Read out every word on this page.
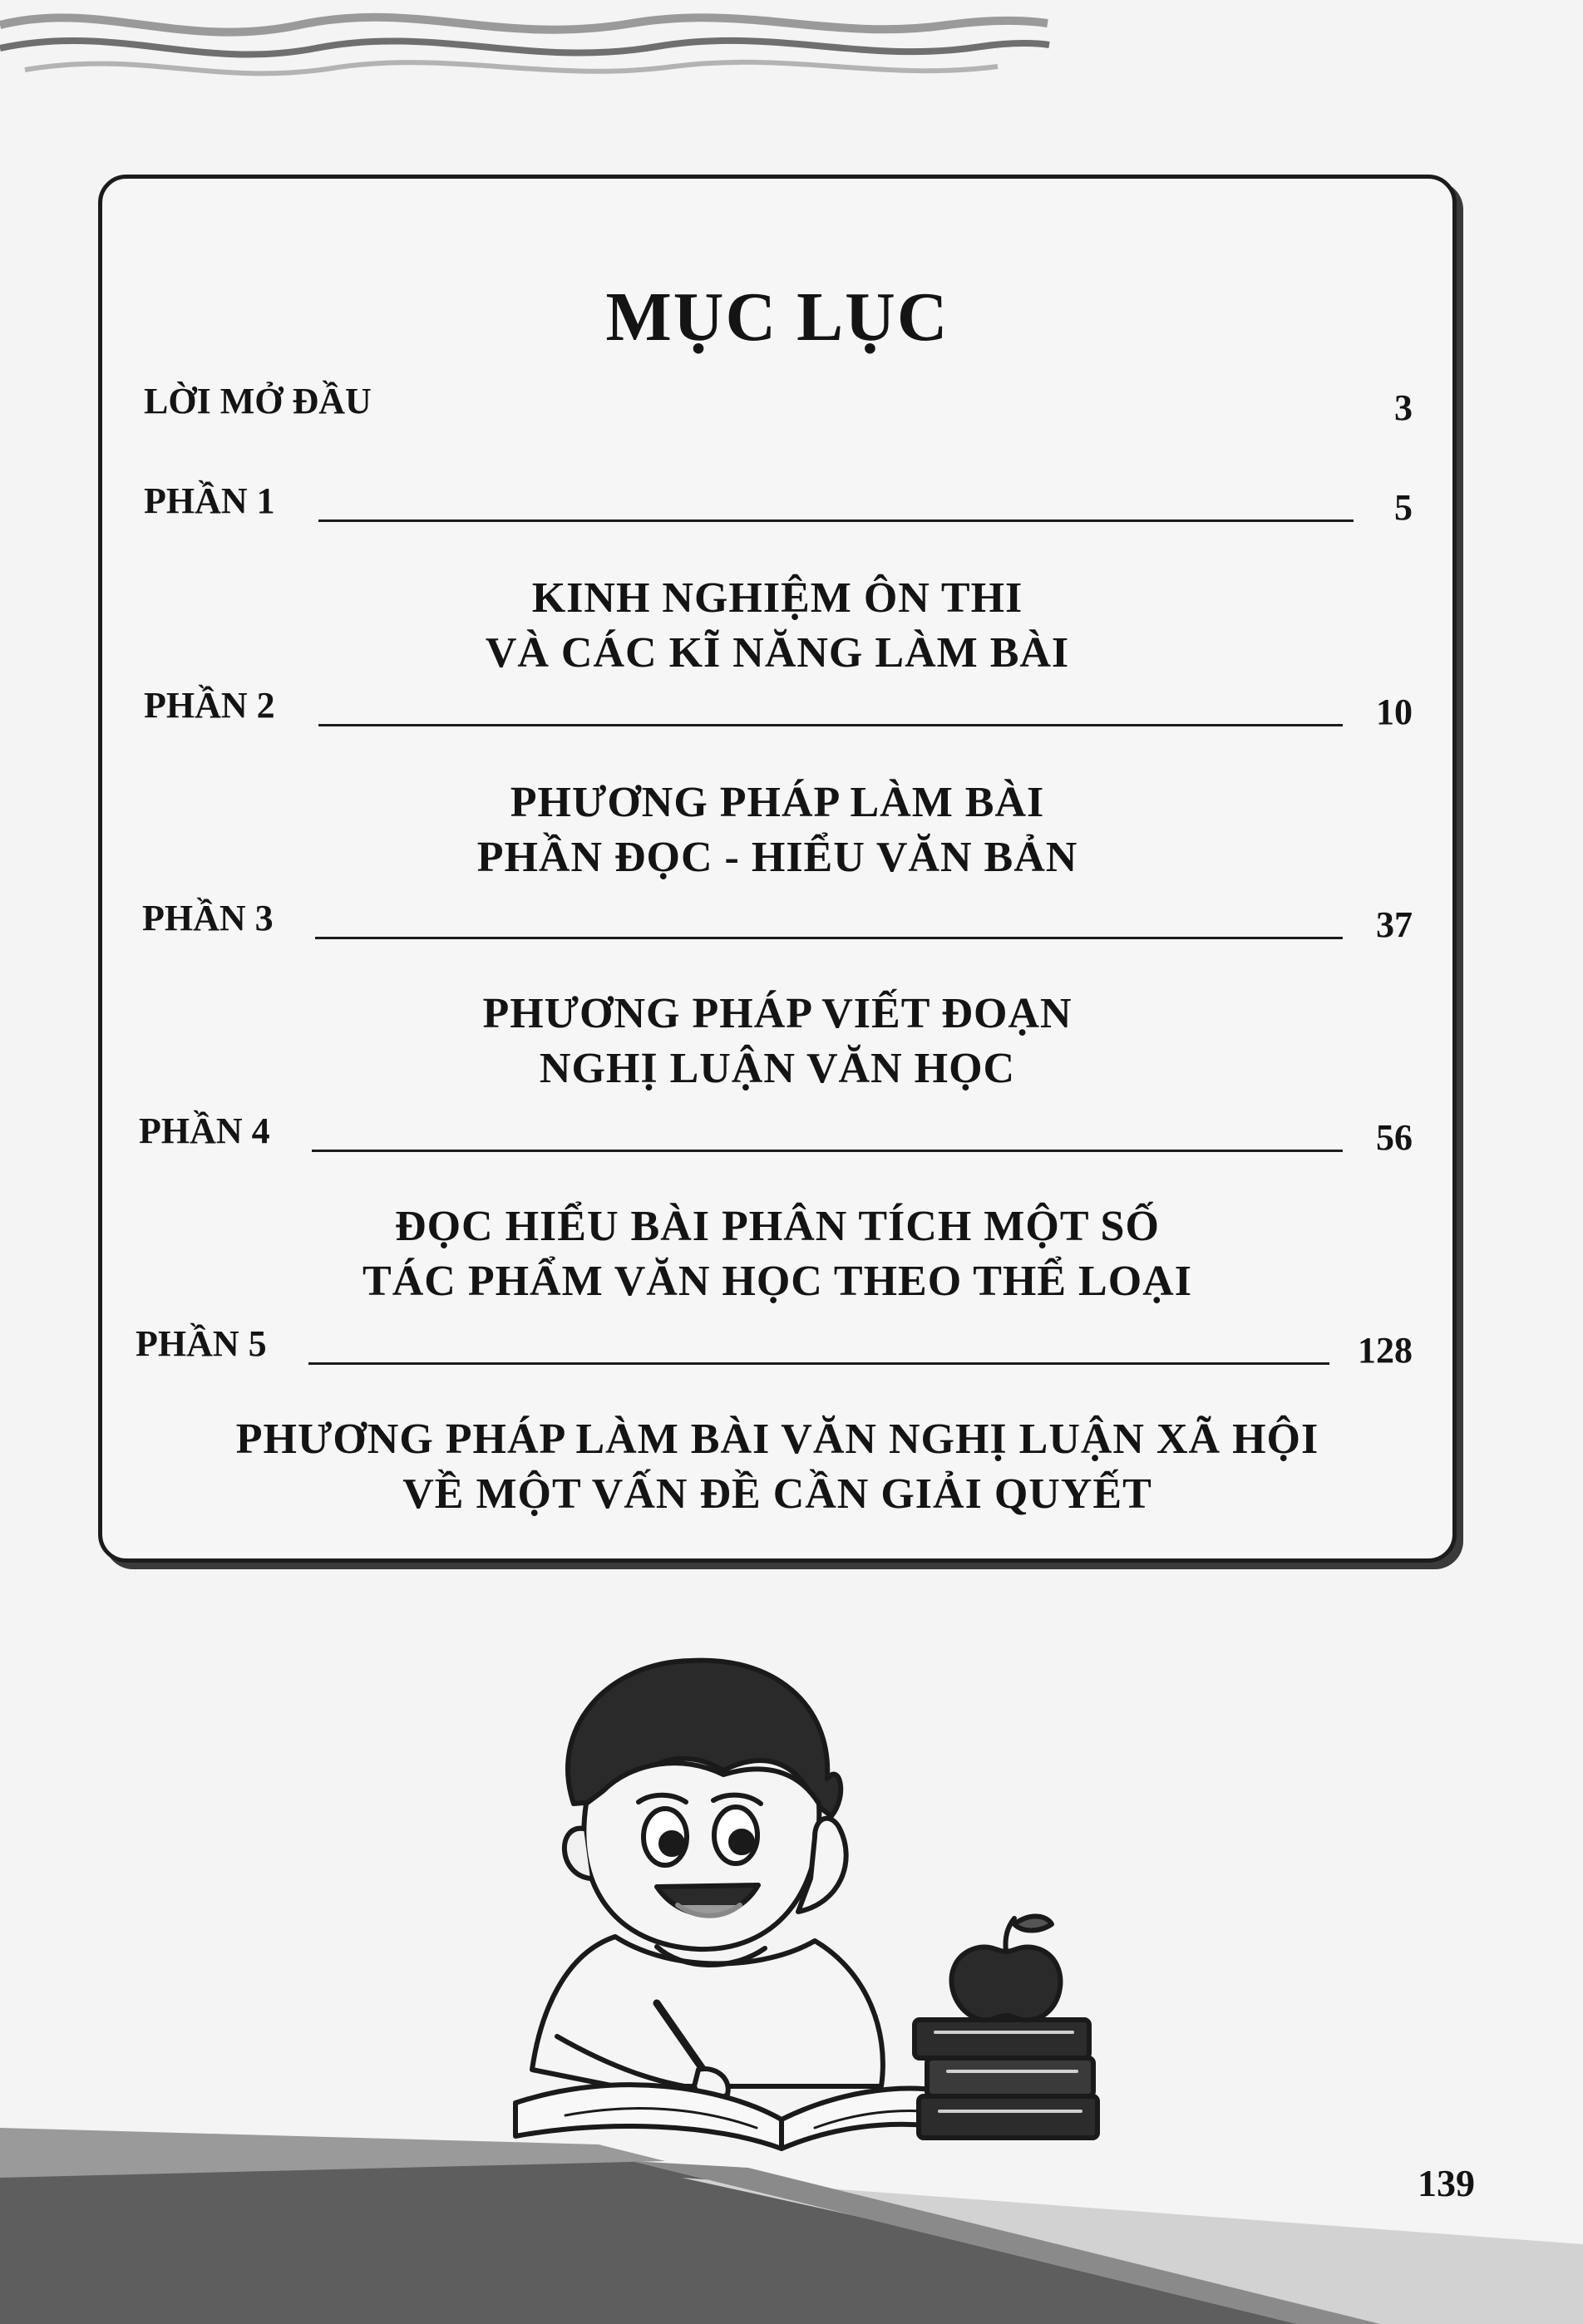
MỤC LỤC
LỜI MỞ ĐẦU	3
PHẦN 1	5
KINH NGHIỆM ÔN THI
VÀ CÁC KĨ NĂNG LÀM BÀI
PHẦN 2	10
PHƯƠNG PHÁP LÀM BÀI
PHẦN ĐỌC - HIỂU VĂN BẢN
PHẦN 3	37
PHƯƠNG PHÁP VIẾT ĐOẠN
NGHỊ LUẬN VĂN HỌC
PHẦN 4	56
ĐỌC HIỂU BÀI PHÂN TÍCH MỘT SỐ
TÁC PHẨM VĂN HỌC THEO THỂ LOẠI
PHẦN 5	128
PHƯƠNG PHÁP LÀM BÀI VĂN NGHỊ LUẬN XÃ HỘI
VỀ MỘT VẤN ĐỀ CẦN GIẢI QUYẾT
139
